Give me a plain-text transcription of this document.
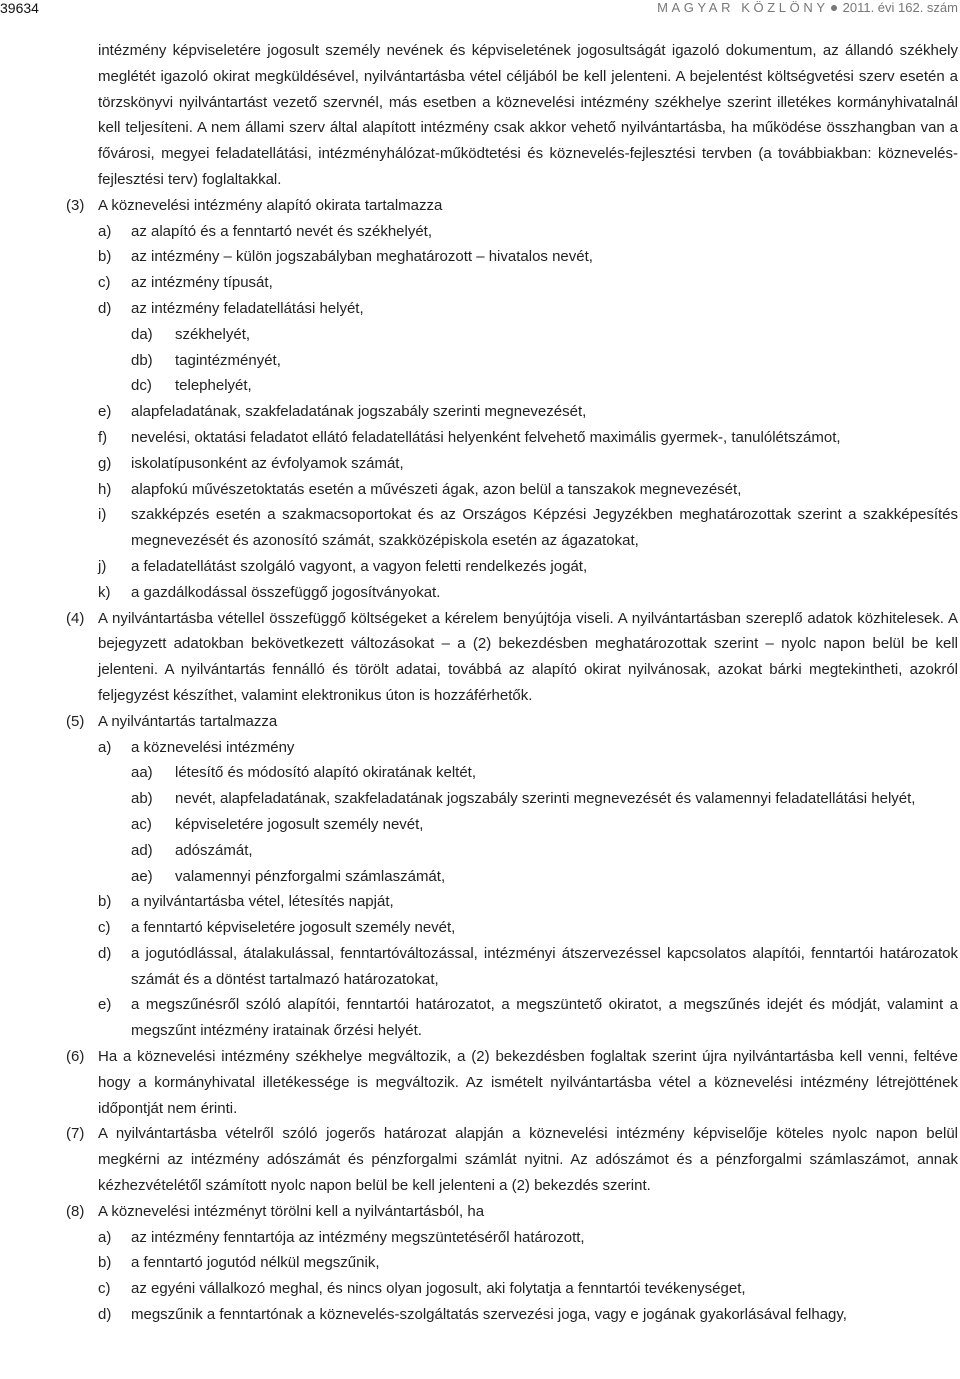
39634	MAGYAR KÖZLÖNY 2011. évi 162. szám

intézmény képviseletére jogosult személy nevének és képviseletének jogosultságát igazoló dokumentum, az állandó székhely meglétét igazoló okirat megküldésével, nyilvántartásba vétel céljából be kell jelenteni. A bejelentést költségvetési szerv esetén a törzskönyvi nyilvántartást vezető szervnél, más esetben a köznevelési intézmény székhelye szerint illetékes kormányhivatalnál kell teljesíteni. A nem állami szerv által alapított intézmény csak akkor vehető nyilvántartásba, ha működése összhangban van a fővárosi, megyei feladatellátási, intézményhálózat-működtetési és köznevelés-fejlesztési tervben (a továbbiakban: köznevelés-fejlesztési terv) foglaltakkal.

(3) A köznevelési intézmény alapító okirata tartalmazza

a) az alapító és a fenntartó nevét és székhelyét,

b) az intézmény – külön jogszabályban meghatározott – hivatalos nevét,

c) az intézmény típusát,

d) az intézmény feladatellátási helyét,

da) székhelyét,

db) tagintézményét,

dc) telephelyét,

e) alapfeladatának, szakfeladatának jogszabály szerinti megnevezését,

f) nevelési, oktatási feladatot ellátó feladatellátási helyenként felvehető maximális gyermek-, tanulólétszámot,

g) iskolatípusonként az évfolyamok számát,

h) alapfokú művészetoktatás esetén a művészeti ágak, azon belül a tanszakok megnevezését,

i) szakképzés esetén a szakmacsoportokat és az Országos Képzési Jegyzékben meghatározottak szerint a szakképesítés megnevezését és azonosító számát, szakközépiskola esetén az ágazatokat,

j) a feladatellátást szolgáló vagyont, a vagyon feletti rendelkezés jogát,

k) a gazdálkodással összefüggő jogosítványokat.

(4) A nyilvántartásba vétellel összefüggő költségeket a kérelem benyújtója viseli. A nyilvántartásban szereplő adatok közhitelesek. A bejegyzett adatokban bekövetkezett változásokat – a (2) bekezdésben meghatározottak szerint – nyolc napon belül be kell jelenteni. A nyilvántartás fennálló és törölt adatai, továbbá az alapító okirat nyilvánosak, azokat bárki megtekintheti, azokról feljegyzést készíthet, valamint elektronikus úton is hozzáférhetők.

(5) A nyilvántartás tartalmazza

a) a köznevelési intézmény

aa) létesítő és módosító alapító okiratának keltét,

ab) nevét, alapfeladatának, szakfeladatának jogszabály szerinti megnevezését és valamennyi feladatellátási helyét,

ac) képviseletére jogosult személy nevét,

ad) adószámát,

ae) valamennyi pénzforgalmi számlaszámát,

b) a nyilvántartásba vétel, létesítés napját,

c) a fenntartó képviseletére jogosult személy nevét,

d) a jogutódlással, átalakulással, fenntartóváltozással, intézményi átszervezéssel kapcsolatos alapítói, fenntartói határozatok számát és a döntést tartalmazó határozatokat,

e) a megszűnésről szóló alapítói, fenntartói határozatot, a megszüntető okiratot, a megszűnés idejét és módját, valamint a megszűnt intézmény iratainak őrzési helyét.

(6) Ha a köznevelési intézmény székhelye megváltozik, a (2) bekezdésben foglaltak szerint újra nyilvántartásba kell venni, feltéve hogy a kormányhivatal illetékessége is megváltozik. Az ismételt nyilvántartásba vétel a köznevelési intézmény létrejöttének időpontját nem érinti.

(7) A nyilvántartásba vételről szóló jogerős határozat alapján a köznevelési intézmény képviselője köteles nyolc napon belül megkérni az intézmény adószámát és pénzforgalmi számlát nyitni. Az adószámot és a pénzforgalmi számlaszámot, annak kézhezvételétől számított nyolc napon belül be kell jelenteni a (2) bekezdés szerint.

(8) A köznevelési intézményt törölni kell a nyilvántartásból, ha

a) az intézmény fenntartója az intézmény megszüntetéséről határozott,

b) a fenntartó jogutód nélkül megszűnik,

c) az egyéni vállalkozó meghal, és nincs olyan jogosult, aki folytatja a fenntartói tevékenységet,

d) megszűnik a fenntartónak a köznevelés-szolgáltatás szervezési joga, vagy e jogának gyakorlásával felhagy,
